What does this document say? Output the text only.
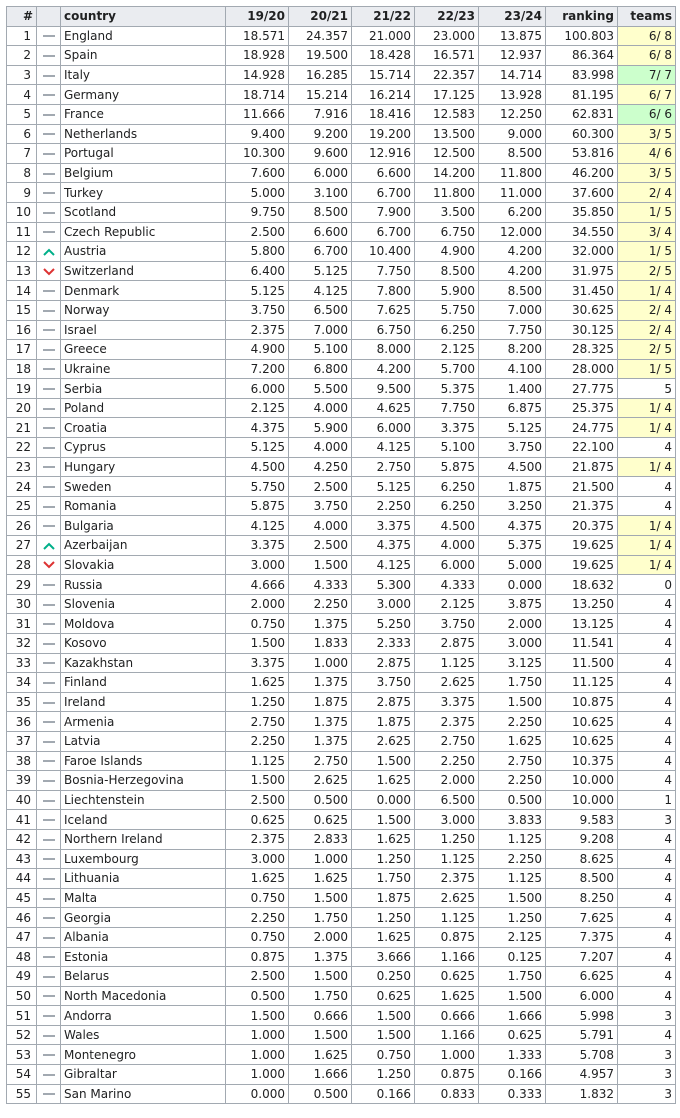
#		country	19/20	20/21	21/22	22/23	23/24	ranking	teams
1		England	18.571	24.357	21.000	23.000	13.875	100.803	6/ 8
2		Spain	18.928	19.500	18.428	16.571	12.937	86.364	6/ 8
3		Italy	14.928	16.285	15.714	22.357	14.714	83.998	7/ 7
4		Germany	18.714	15.214	16.214	17.125	13.928	81.195	6/ 7
5		France	11.666	7.916	18.416	12.583	12.250	62.831	6/ 6
6		Netherlands	9.400	9.200	19.200	13.500	9.000	60.300	3/ 5
7		Portugal	10.300	9.600	12.916	12.500	8.500	53.816	4/ 6
8		Belgium	7.600	6.000	6.600	14.200	11.800	46.200	3/ 5
9		Turkey	5.000	3.100	6.700	11.800	11.000	37.600	2/ 4
10		Scotland	9.750	8.500	7.900	3.500	6.200	35.850	1/ 5
11		Czech Republic	2.500	6.600	6.700	6.750	12.000	34.550	3/ 4
12		Austria	5.800	6.700	10.400	4.900	4.200	32.000	1/ 5
13		Switzerland	6.400	5.125	7.750	8.500	4.200	31.975	2/ 5
14		Denmark	5.125	4.125	7.800	5.900	8.500	31.450	1/ 4
15		Norway	3.750	6.500	7.625	5.750	7.000	30.625	2/ 4
16		Israel	2.375	7.000	6.750	6.250	7.750	30.125	2/ 4
17		Greece	4.900	5.100	8.000	2.125	8.200	28.325	2/ 5
18		Ukraine	7.200	6.800	4.200	5.700	4.100	28.000	1/ 5
19		Serbia	6.000	5.500	9.500	5.375	1.400	27.775	5
20		Poland	2.125	4.000	4.625	7.750	6.875	25.375	1/ 4
21		Croatia	4.375	5.900	6.000	3.375	5.125	24.775	1/ 4
22		Cyprus	5.125	4.000	4.125	5.100	3.750	22.100	4
23		Hungary	4.500	4.250	2.750	5.875	4.500	21.875	1/ 4
24		Sweden	5.750	2.500	5.125	6.250	1.875	21.500	4
25		Romania	5.875	3.750	2.250	6.250	3.250	21.375	4
26		Bulgaria	4.125	4.000	3.375	4.500	4.375	20.375	1/ 4
27		Azerbaijan	3.375	2.500	4.375	4.000	5.375	19.625	1/ 4
28		Slovakia	3.000	1.500	4.125	6.000	5.000	19.625	1/ 4
29		Russia	4.666	4.333	5.300	4.333	0.000	18.632	0
30		Slovenia	2.000	2.250	3.000	2.125	3.875	13.250	4
31		Moldova	0.750	1.375	5.250	3.750	2.000	13.125	4
32		Kosovo	1.500	1.833	2.333	2.875	3.000	11.541	4
33		Kazakhstan	3.375	1.000	2.875	1.125	3.125	11.500	4
34		Finland	1.625	1.375	3.750	2.625	1.750	11.125	4
35		Ireland	1.250	1.875	2.875	3.375	1.500	10.875	4
36		Armenia	2.750	1.375	1.875	2.375	2.250	10.625	4
37		Latvia	2.250	1.375	2.625	2.750	1.625	10.625	4
38		Faroe Islands	1.125	2.750	1.500	2.250	2.750	10.375	4
39		Bosnia-Herzegovina	1.500	2.625	1.625	2.000	2.250	10.000	4
40		Liechtenstein	2.500	0.500	0.000	6.500	0.500	10.000	1
41		Iceland	0.625	0.625	1.500	3.000	3.833	9.583	3
42		Northern Ireland	2.375	2.833	1.625	1.250	1.125	9.208	4
43		Luxembourg	3.000	1.000	1.250	1.125	2.250	8.625	4
44		Lithuania	1.625	1.625	1.750	2.375	1.125	8.500	4
45		Malta	0.750	1.500	1.875	2.625	1.500	8.250	4
46		Georgia	2.250	1.750	1.250	1.125	1.250	7.625	4
47		Albania	0.750	2.000	1.625	0.875	2.125	7.375	4
48		Estonia	0.875	1.375	3.666	1.166	0.125	7.207	4
49		Belarus	2.500	1.500	0.250	0.625	1.750	6.625	4
50		North Macedonia	0.500	1.750	0.625	1.625	1.500	6.000	4
51		Andorra	1.500	0.666	1.500	0.666	1.666	5.998	3
52		Wales	1.000	1.500	1.500	1.166	0.625	5.791	4
53		Montenegro	1.000	1.625	0.750	1.000	1.333	5.708	3
54		Gibraltar	1.000	1.666	1.250	0.875	0.166	4.957	3
55		San Marino	0.000	0.500	0.166	0.833	0.333	1.832	3
